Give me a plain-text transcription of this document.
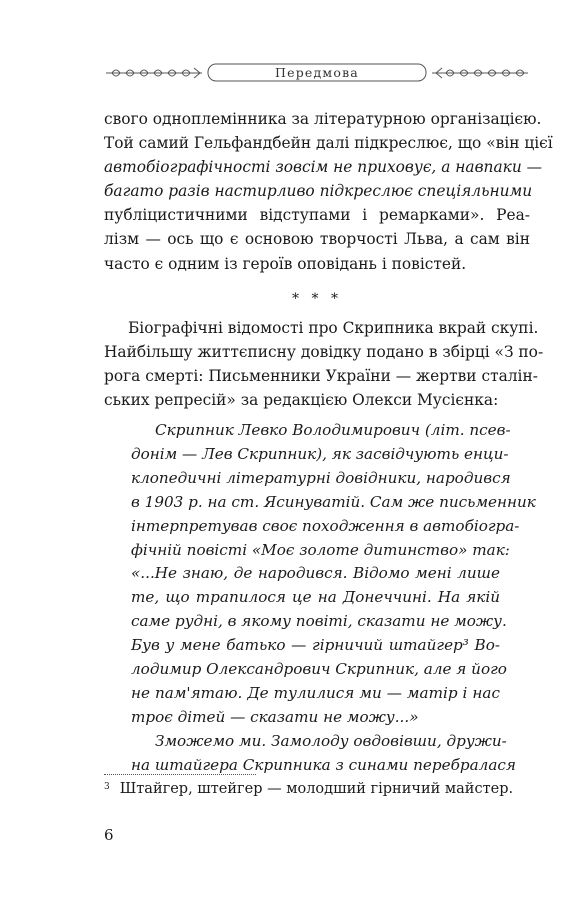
Передмова
свого одноплемінника за літературною організацією.
Той самий Гельфандбейн далі підкреслює, що «він цієї
автобіографічності зовсім не приховує, а навпаки —
багато разів настирливо підкреслює спеціяльними
публіцистичними відступами і ремарками». Реа-
лізм — ось що є основою творчості Льва, а сам він
часто є одним із героїв оповідань і повістей.
* * *
Біографічні відомості про Скрипника вкрай скупі.
Найбільшу життєписну довідку подано в збірці «З по-
рога смерті: Письменники України — жертви сталін-
ських репресій» за редакцією Олекси Мусієнка:
Скрипник Левко Володимирович (літ. псев-
донім — Лев Скрипник), як засвідчують енци-
клопедичні літературні довідники, народився
в 1903 р. на ст. Ясинуватій. Сам же письменник
інтерпретував своє походження в автобіогра-
фічній повісті «Моє золоте дитинство» так:
«...Не знаю, де народився. Відомо мені лише
те, що трапилося це на Донеччині. На якій
саме рудні, в якому повіті, сказати не можу.
Був у мене батько — гірничий штайгер³ Во-
лодимир Олександрович Скрипник, але я його
не пам'ятаю. Де тулилися ми — матір і нас
троє дітей — сказати не можу...»
Зможемо ми. Замолоду овдовівши, дружи-
на штайгера Скрипника з синами перебралася
$^3$ Штайгер, штейгер — молодший гірничий майстер.
6
